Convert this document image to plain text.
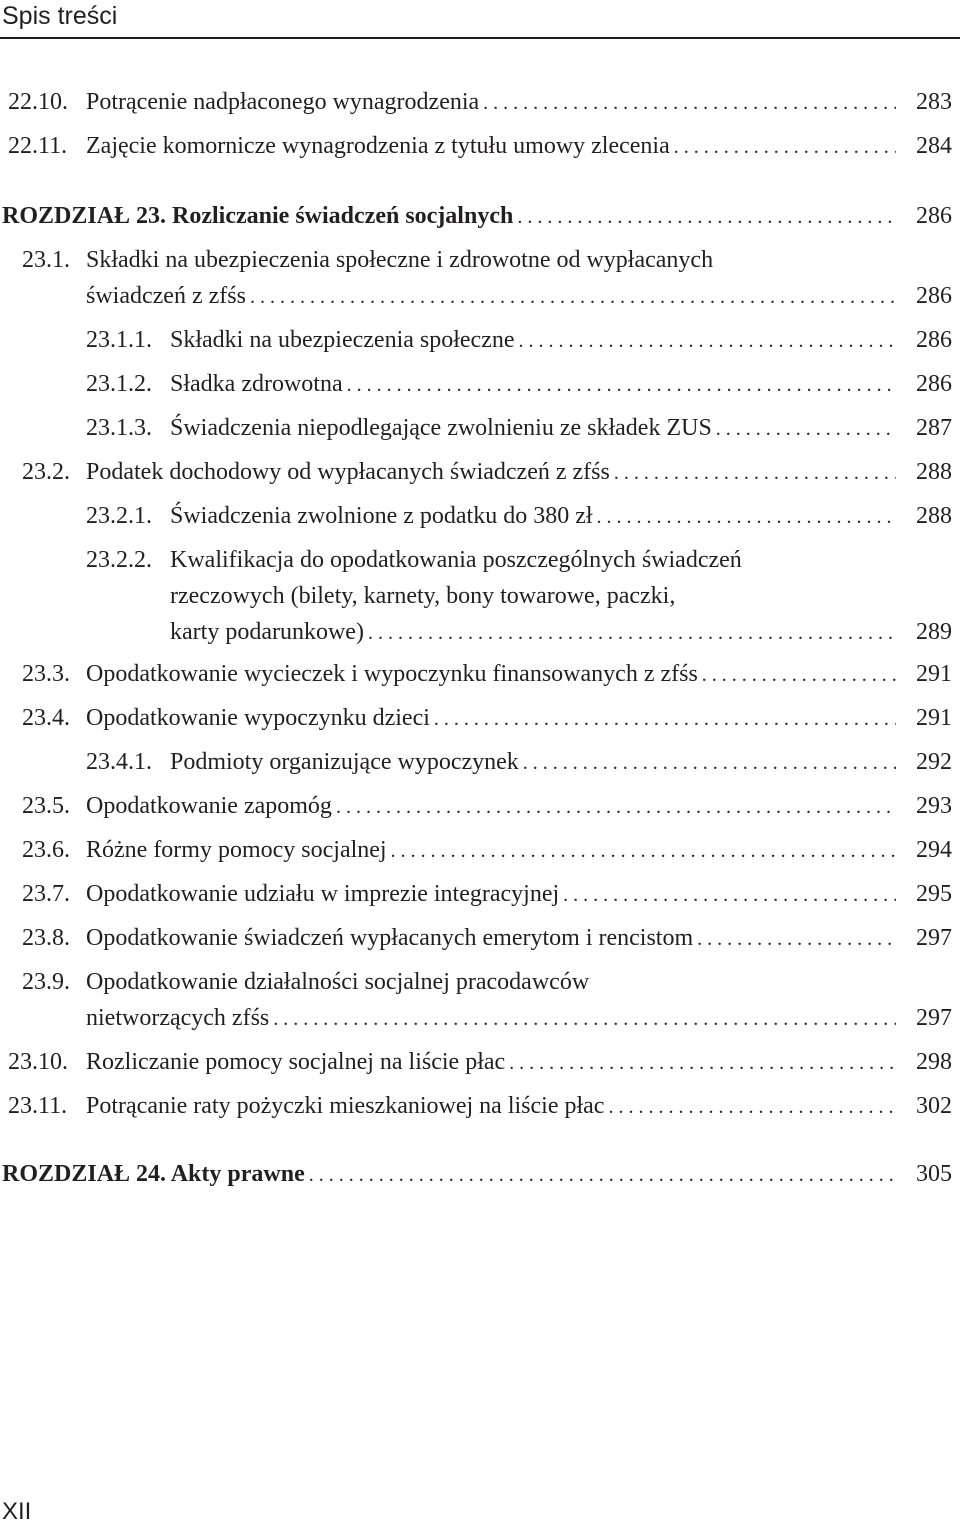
Spis treści
22.10. Potrącenie nadpłaconego wynagrodzenia . . .	283
22.11. Zajęcie komornicze wynagrodzenia z tytułu umowy zlecenia . . .	284
ROZDZIAŁ 23. Rozliczanie świadczeń socjalnych . . .	286
23.1. Składki na ubezpieczenia społeczne i zdrowotne od wypłacanych
świadczeń z zfśs . . .	286
23.1.1. Składki na ubezpieczenia społeczne . . .	286
23.1.2. Sładka zdrowotna . . .	286
23.1.3. Świadczenia niepodlegające zwolnieniu ze składek ZUS . . .	287
23.2. Podatek dochodowy od wypłacanych świadczeń z zfśs . . .	288
23.2.1. Świadczenia zwolnione z podatku do 380 zł . . .	288
23.2.2. Kwalifikacja do opodatkowania poszczególnych świadczeń
rzeczowych (bilety, karnety, bony towarowe, paczki,
karty podarunkowe) . . .	289
23.3. Opodatkowanie wycieczek i wypoczynku finansowanych z zfśs . . .	291
23.4. Opodatkowanie wypoczynku dzieci . . .	291
23.4.1. Podmioty organizujące wypoczynek . . .	292
23.5. Opodatkowanie zapomóg . . .	293
23.6. Różne formy pomocy socjalnej . . .	294
23.7. Opodatkowanie udziału w imprezie integracyjnej . . .	295
23.8. Opodatkowanie świadczeń wypłacanych emerytom i rencistom . . .	297
23.9. Opodatkowanie działalności socjalnej pracodawców
nietworzących zfśs . . .	297
23.10. Rozliczanie pomocy socjalnej na liście płac . . .	298
23.11. Potrącanie raty pożyczki mieszkaniowej na liście płac . . .	302
ROZDZIAŁ 24. Akty prawne . . .	305
XII
